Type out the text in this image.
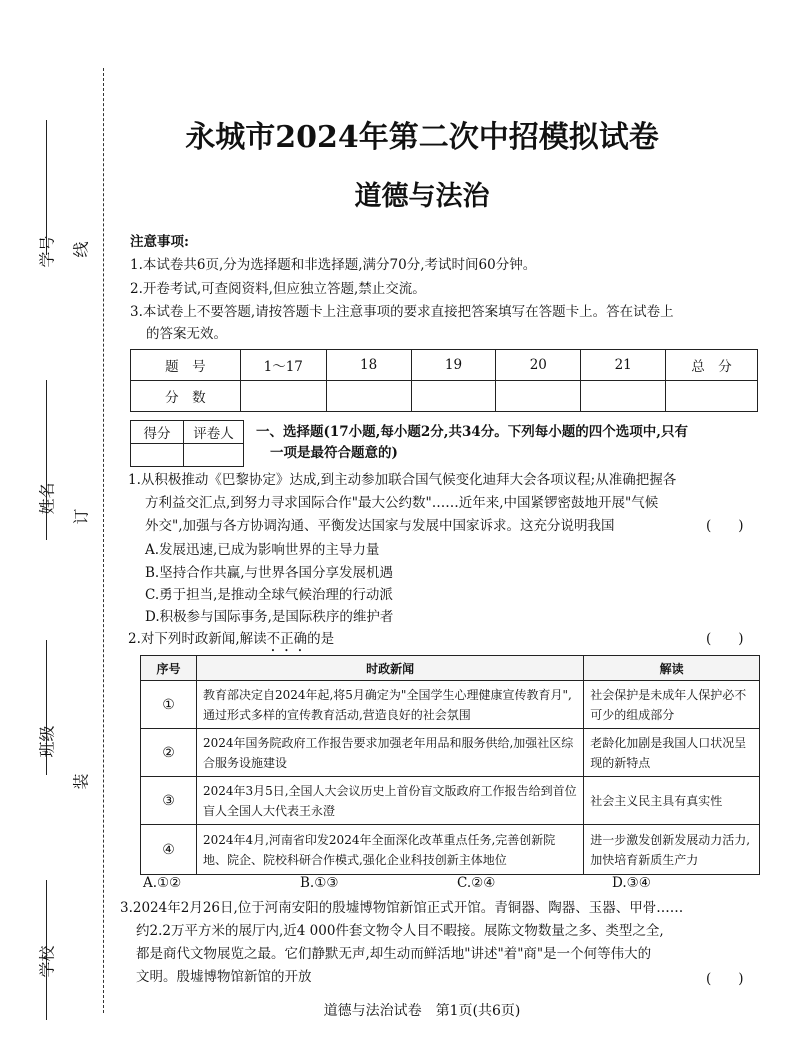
学号 线
姓名
订
班级
装
学校
永城市2024年第二次中招模拟试卷
道德与法治
注意事项:
1.本试卷共6页,分为选择题和非选择题,满分70分,考试时间60分钟。
2.开卷考试,可查阅资料,但应独立答题,禁止交流。
3.本试卷上不要答题,请按答题卡上注意事项的要求直接把答案填写在答题卡上。答在试卷上
的答案无效。
题　号	1～17	18	19	20	21	总　分
分　数						
得分	评卷人
	一、选择题(17小题,每小题2分,共34分。下列每小题的四个选项中,只有
一项是最符合题意的)
1.从积极推动《巴黎协定》达成,到主动参加联合国气候变化迪拜大会各项议程;从准确把握各
方利益交汇点,到努力寻求国际合作"最大公约数"……近年来,中国紧锣密鼓地开展"气候
外交",加强与各方协调沟通、平衡发达国家与发展中国家诉求。这充分说明我国	(　　)
A.发展迅速,已成为影响世界的主导力量
B.坚持合作共赢,与世界各国分享发展机遇
C.勇于担当,是推动全球气候治理的行动派
D.积极参与国际事务,是国际秩序的维护者
2.对下列时政新闻,解读不正确的是	(　　)
序号	时政新闻	解读
①	教育部决定自2024年起,将5月确定为"全国学生心理健康宣传教育月",通过形式多样的宣传教育活动,营造良好的社会氛围	社会保护是未成年人保护必不可少的组成部分
②	2024年国务院政府工作报告要求加强老年用品和服务供给,加强社区综合服务设施建设	老龄化加剧是我国人口状况呈现的新特点
③	2024年3月5日,全国人大会议历史上首份盲文版政府工作报告给到首位盲人全国人大代表王永澄	社会主义民主具有真实性
④	2024年4月,河南省印发2024年全面深化改革重点任务,完善创新院地、院企、院校科研合作模式,强化企业科技创新主体地位	进一步激发创新发展动力活力,加快培育新质生产力
A.①②	B.①③	C.②④	D.③④
3.2024年2月26日,位于河南安阳的殷墟博物馆新馆正式开馆。青铜器、陶器、玉器、甲骨……
约2.2万平方米的展厅内,近4 000件套文物令人目不暇接。展陈文物数量之多、类型之全,
都是商代文物展览之最。它们静默无声,却生动而鲜活地"讲述"着"商"是一个何等伟大的
文明。殷墟博物馆新馆的开放	(　　)
道德与法治试卷　第1页(共6页)
